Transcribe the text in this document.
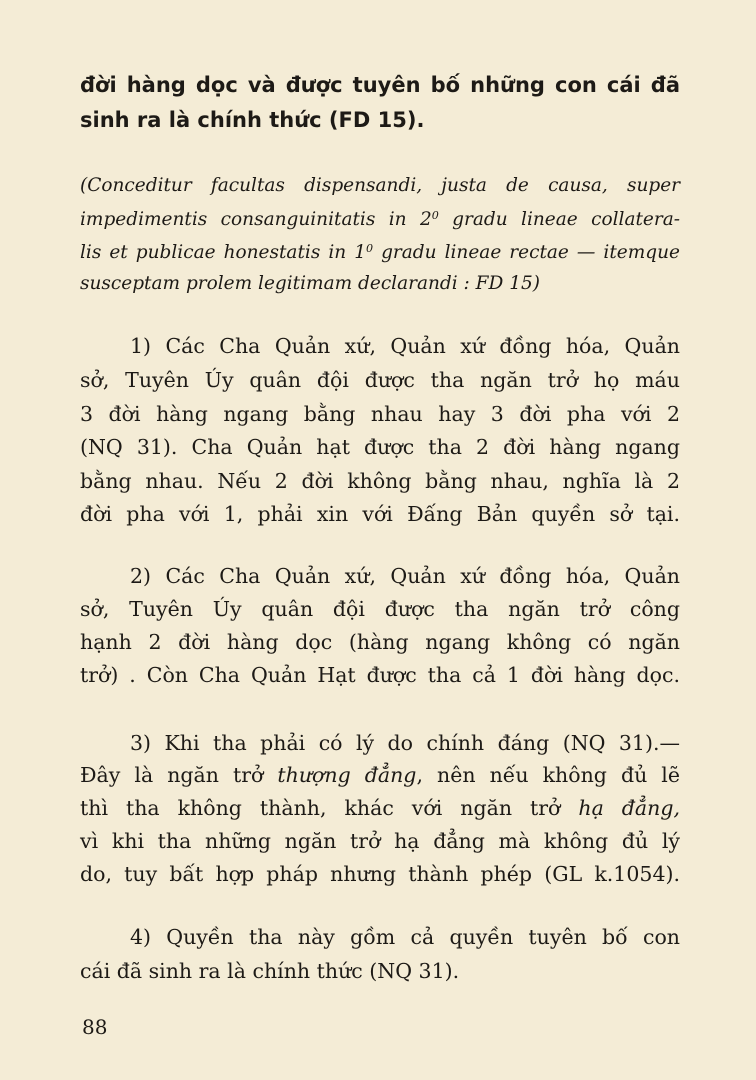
đời hàng dọc và được tuyên bố những con cái đã
sinh ra là chính thức (FD 15).
(Conceditur facultas dispensandi, justa de causa, super
impedimentis consanguinitatis in $2^0$ gradu lineae collatera-
lis et publicae honestatis in $1^0$ gradu lineae rectae — itemque
susceptam prolem legitimam declarandi : FD 15)
1) Các Cha Quản xứ, Quản xứ đồng hóa, Quản
sở, Tuyên Úy quân đội được tha ngăn trở họ máu
3 đời hàng ngang bằng nhau hay 3 đời pha với 2
(NQ 31). Cha Quản hạt được tha 2 đời hàng ngang
bằng nhau. Nếu 2 đời không bằng nhau, nghĩa là 2
đời pha với 1, phải xin với Đấng Bản quyền sở tại.
2) Các Cha Quản xứ, Quản xứ đồng hóa, Quản
sở, Tuyên Úy quân đội được tha ngăn trở công
hạnh 2 đời hàng dọc (hàng ngang không có ngăn
trở) . Còn Cha Quản Hạt được tha cả 1 đời hàng dọc.
3) Khi tha phải có lý do chính đáng (NQ 31).—
Đây là ngăn trở thượng đẳng, nên nếu không đủ lẽ
thì tha không thành, khác với ngăn trở hạ đẳng,
vì khi tha những ngăn trở hạ đẳng mà không đủ lý
do, tuy bất hợp pháp nhưng thành phép (GL k.1054).
4) Quyền tha này gồm cả quyền tuyên bố con
cái đã sinh ra là chính thức (NQ 31).
88
